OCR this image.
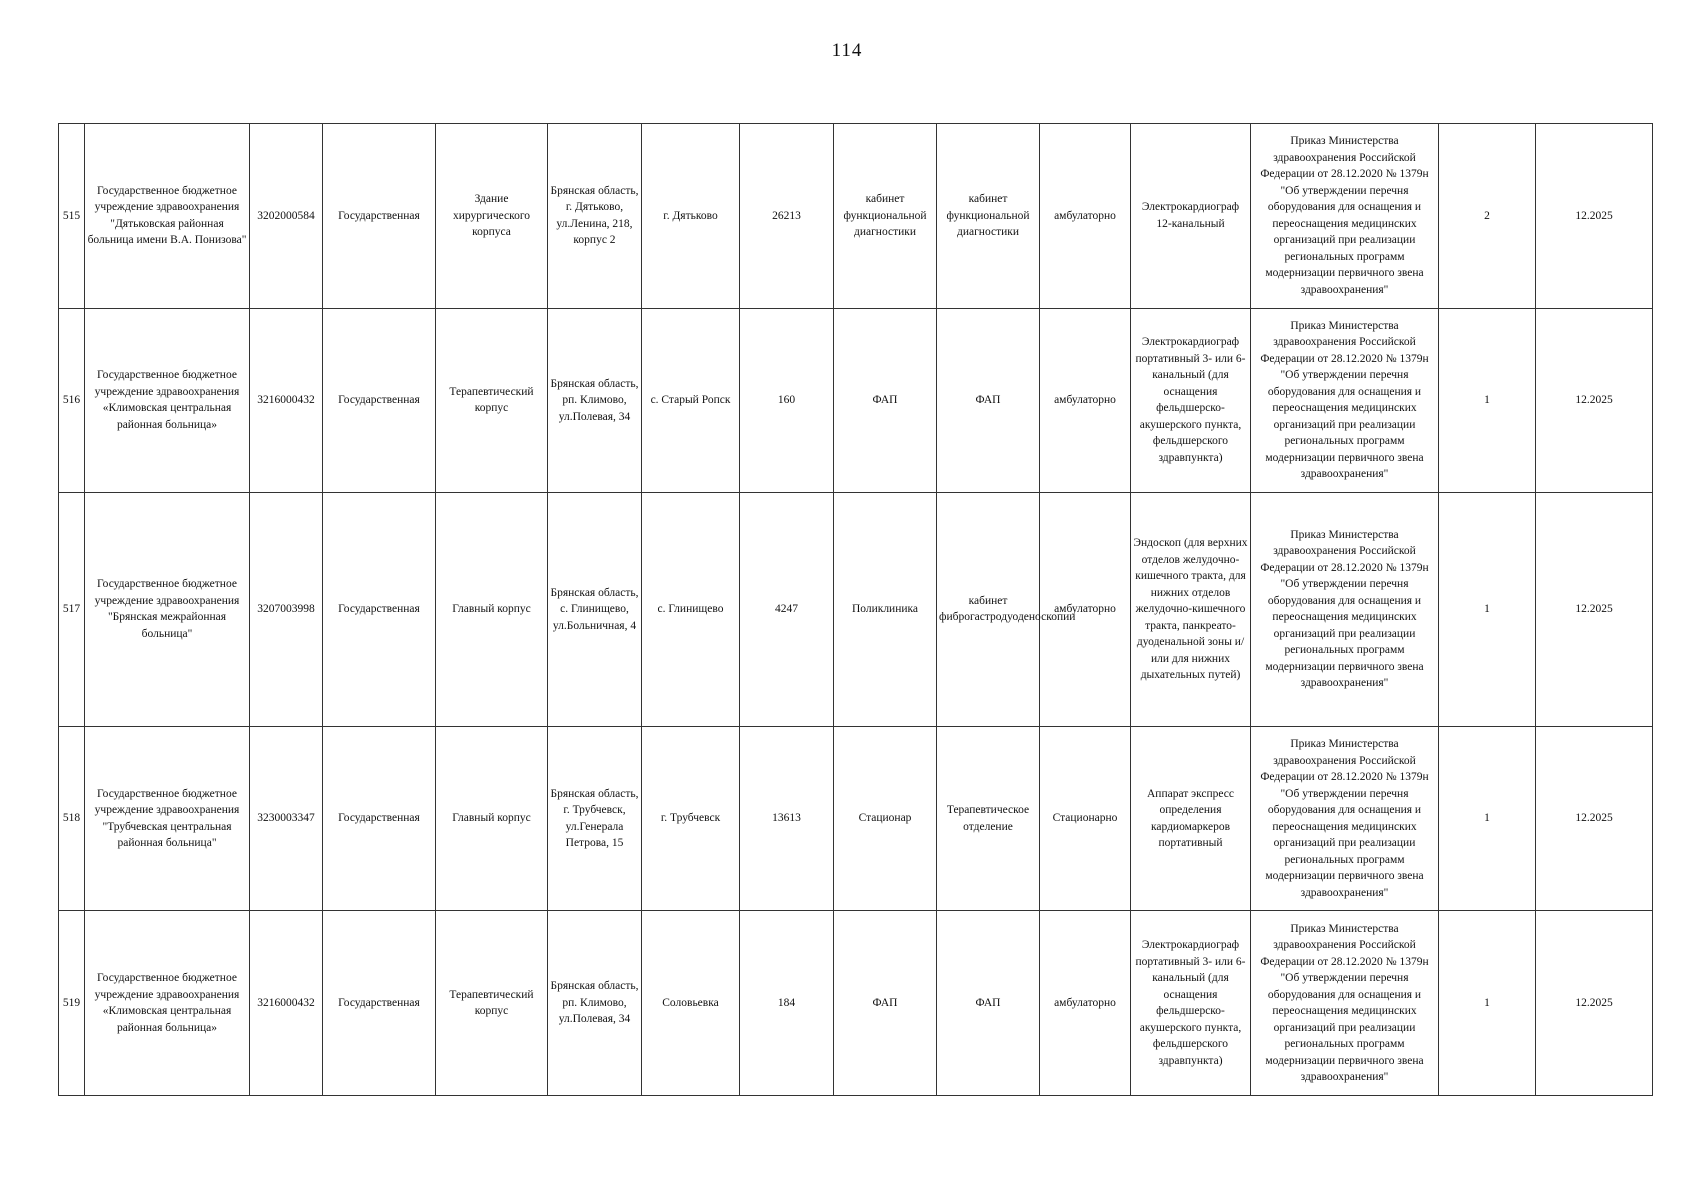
114
515	Государственное бюджетное учреждение здравоохранения "Дятьковская районная больница имени В.А. Понизова"	3202000584	Государственная	Здание хирургического корпуса	Брянская область, г. Дятьково, ул.Ленина, 218, корпус 2	г. Дятьково	26213	кабинет функциональной диагностики	кабинет функциональной диагностики	амбулаторно	Электрокардиограф 12-канальный	Приказ Министерства здравоохранения Российской Федерации от 28.12.2020 № 1379н "Об утверждении перечня оборудования для оснащения и переоснащения медицинских организаций при реализации региональных программ модернизации первичного звена здравоохранения"	2	12.2025
516	Государственное бюджетное учреждение здравоохранения «Климовская центральная районная больница»	3216000432	Государственная	Терапевтический корпус	Брянская область, рп. Климово, ул.Полевая, 34	с. Старый Ропск	160	ФАП	ФАП	амбулаторно	Электрокардиограф портативный 3- или 6-канальный (для оснащения фельдшерско-акушерского пункта, фельдшерского здравпункта)	Приказ Министерства здравоохранения Российской Федерации от 28.12.2020 № 1379н "Об утверждении перечня оборудования для оснащения и переоснащения медицинских организаций при реализации региональных программ модернизации первичного звена здравоохранения"	1	12.2025
517	Государственное бюджетное учреждение здравоохранения "Брянская межрайонная больница"	3207003998	Государственная	Главный корпус	Брянская область, с. Глинищево, ул.Больничная, 4	с. Глинищево	4247	Поликлиника	кабинет фиброгастродуоденоскопии	амбулаторно	Эндоскоп (для верхних отделов желудочно-кишечного тракта, для нижних отделов желудочно-кишечного тракта, панкреато-дуоденальной зоны и/или для нижних дыхательных путей)	Приказ Министерства здравоохранения Российской Федерации от 28.12.2020 № 1379н "Об утверждении перечня оборудования для оснащения и переоснащения медицинских организаций при реализации региональных программ модернизации первичного звена здравоохранения"	1	12.2025
518	Государственное бюджетное учреждение здравоохранения "Трубчевская центральная районная больница"	3230003347	Государственная	Главный корпус	Брянская область, г. Трубчевск, ул.Генерала Петрова, 15	г. Трубчевск	13613	Стационар	Терапевтическое отделение	Стационарно	Аппарат экспресс определения кардиомаркеров портативный	Приказ Министерства здравоохранения Российской Федерации от 28.12.2020 № 1379н "Об утверждении перечня оборудования для оснащения и переоснащения медицинских организаций при реализации региональных программ модернизации первичного звена здравоохранения"	1	12.2025
519	Государственное бюджетное учреждение здравоохранения «Климовская центральная районная больница»	3216000432	Государственная	Терапевтический корпус	Брянская область, рп. Климово, ул.Полевая, 34	Соловьевка	184	ФАП	ФАП	амбулаторно	Электрокардиограф портативный 3- или 6-канальный (для оснащения фельдшерско-акушерского пункта, фельдшерского здравпункта)	Приказ Министерства здравоохранения Российской Федерации от 28.12.2020 № 1379н "Об утверждении перечня оборудования для оснащения и переоснащения медицинских организаций при реализации региональных программ модернизации первичного звена здравоохранения"	1	12.2025
